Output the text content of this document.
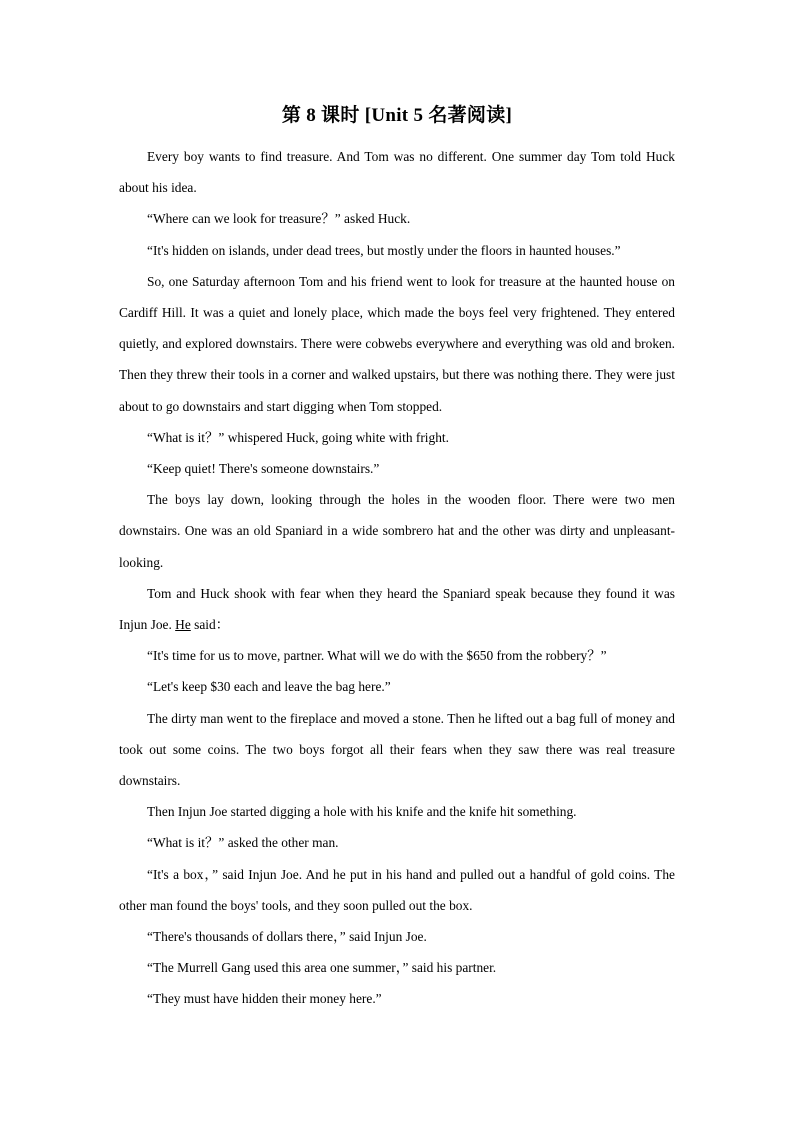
第 8 课时 [Unit 5 名著阅读]

Every boy wants to find treasure. And Tom was no different. One summer day Tom told Huck about his idea.

“Where can we look for treasure？” asked Huck.

“It's hidden on islands, under dead trees, but mostly under the floors in haunted houses.”

So, one Saturday afternoon Tom and his friend went to look for treasure at the haunted house on Cardiff Hill. It was a quiet and lonely place, which made the boys feel very frightened. They entered quietly, and explored downstairs. There were cobwebs everywhere and everything was old and broken. Then they threw their tools in a corner and walked upstairs, but there was nothing there. They were just about to go downstairs and start digging when Tom stopped.

“What is it？” whispered Huck, going white with fright.

“Keep quiet! There's someone downstairs.”

The boys lay down, looking through the holes in the wooden floor. There were two men downstairs. One was an old Spaniard in a wide sombrero hat and the other was dirty and unpleasant-looking.

Tom and Huck shook with fear when they heard the Spaniard speak because they found it was Injun Joe. He said：

“It's time for us to move, partner. What will we do with the $650 from the robbery？”

“Let's keep $30 each and leave the bag here.”

The dirty man went to the fireplace and moved a stone. Then he lifted out a bag full of money and took out some coins. The two boys forgot all their fears when they saw there was real treasure downstairs.

Then Injun Joe started digging a hole with his knife and the knife hit something.

“What is it？” asked the other man.

“It's a box，” said Injun Joe. And he put in his hand and pulled out a handful of gold coins. The other man found the boys' tools, and they soon pulled out the box.

“There's thousands of dollars there，” said Injun Joe.

“The Murrell Gang used this area one summer，” said his partner.

“They must have hidden their money here.”
